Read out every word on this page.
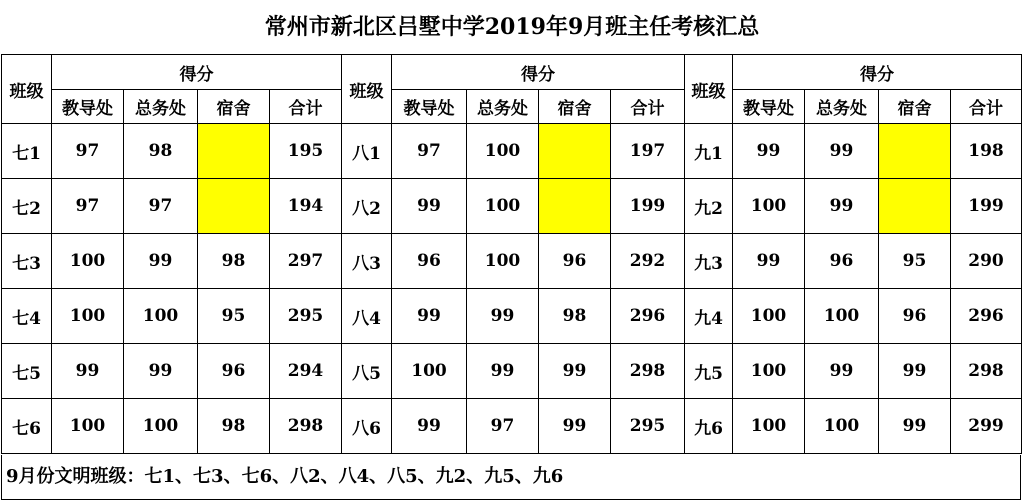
常州市新北区吕墅中学2019年9月班主任考核汇总
班级	得分				班级	得分				班级	得分			
	教导处	总务处	宿舍	合计		教导处	总务处	宿舍	合计		教导处	总务处	宿舍	合计
七1	97	98		195	八1	97	100		197	九1	99	99		198
七2	97	97		194	八2	99	100		199	九2	100	99		199
七3	100	99	98	297	八3	96	100	96	292	九3	99	96	95	290
七4	100	100	95	295	八4	99	99	98	296	九4	100	100	96	296
七5	99	99	96	294	八5	100	99	99	298	九5	100	99	99	298
七6	100	100	98	298	八6	99	97	99	295	九6	100	100	99	299
9月份文明班级：七1、七3、七6、八2、八4、八5、九2、九5、九6
